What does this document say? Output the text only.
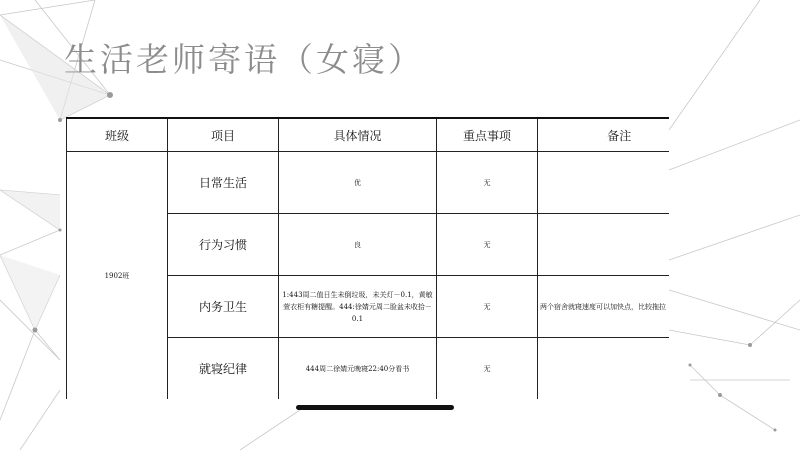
生活老师寄语（女寝）
班级	项目	具体情况	重点事项	备注
1902班	日常生活	优	无	
	行为习惯	良	无	
	内务卫生	1:443周二值日生未倒垃圾，未关灯－0.1，黄敏萱衣柜有糖提醒。444:徐婧元周二脸盆未收拾－0.1	无	两个宿舍就寝速度可以加快点，比较拖拉
	就寝纪律	444周二徐婧元晚寝22:40分看书	无	
